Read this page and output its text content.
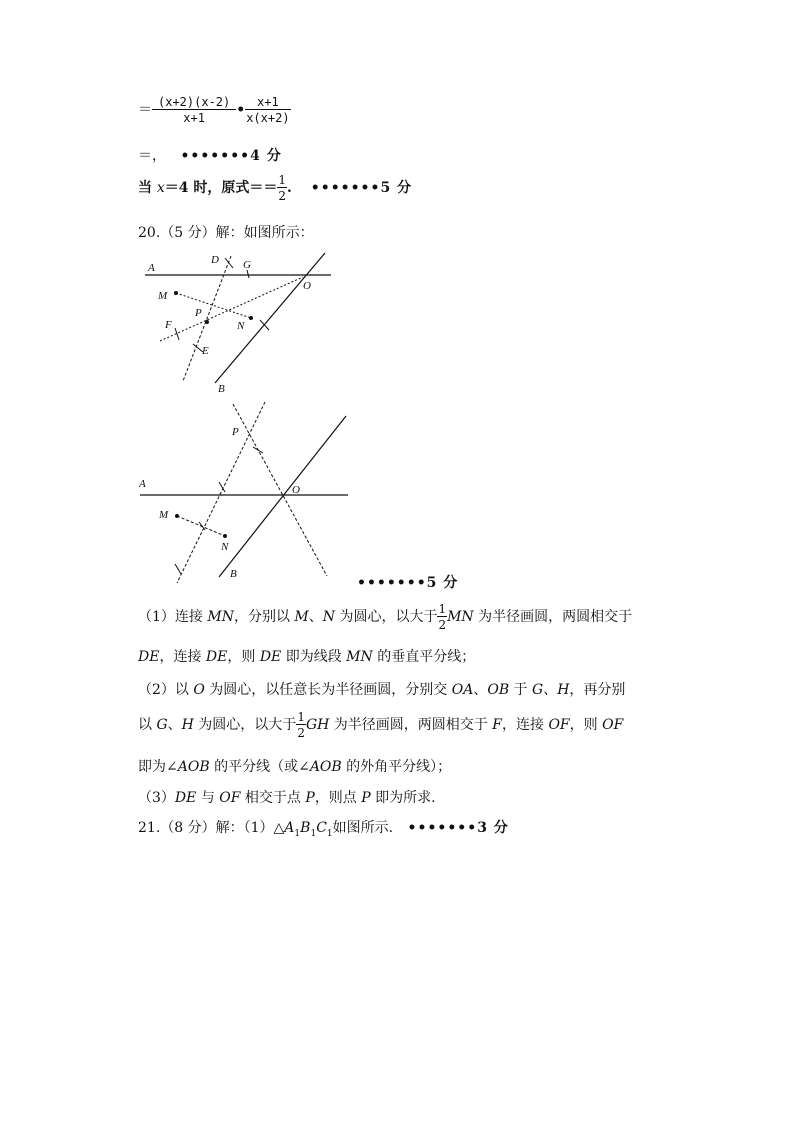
＝ $\frac{(x+2)(x-2)}{x+1}$ • $\frac{x+1}{x(x+2)}$
＝， •••••••4 分
当 x＝4 时，原式＝＝ $\frac{1}{2}$ . •••••••5 分
20.（5 分）解：如图所示：
A
D G
O
M
P
N
F
E
B
P
A	O
M
N
B
•••••••5 分
（1）连接 MN，分别以 M、N 为圆心，以大于 $\frac{1}{2}$ MN 为半径画圆，两圆相交于
DE，连接 DE，则 DE 即为线段 MN 的垂直平分线；
（2）以 O 为圆心，以任意长为半径画圆，分别交 OA、OB 于 G、H，再分别
以 G、H 为圆心，以大于 $\frac{1}{2}$ GH 为半径画圆，两圆相交于 F，连接 OF，则 OF
即为∠AOB 的平分线（或∠AOB 的外角平分线）；
（3）DE 与 OF 相交于点 P，则点 P 即为所求.
21.（8 分）解：$(1)\triangle A_1B_1C_1$如图所示. •••••••3 分
